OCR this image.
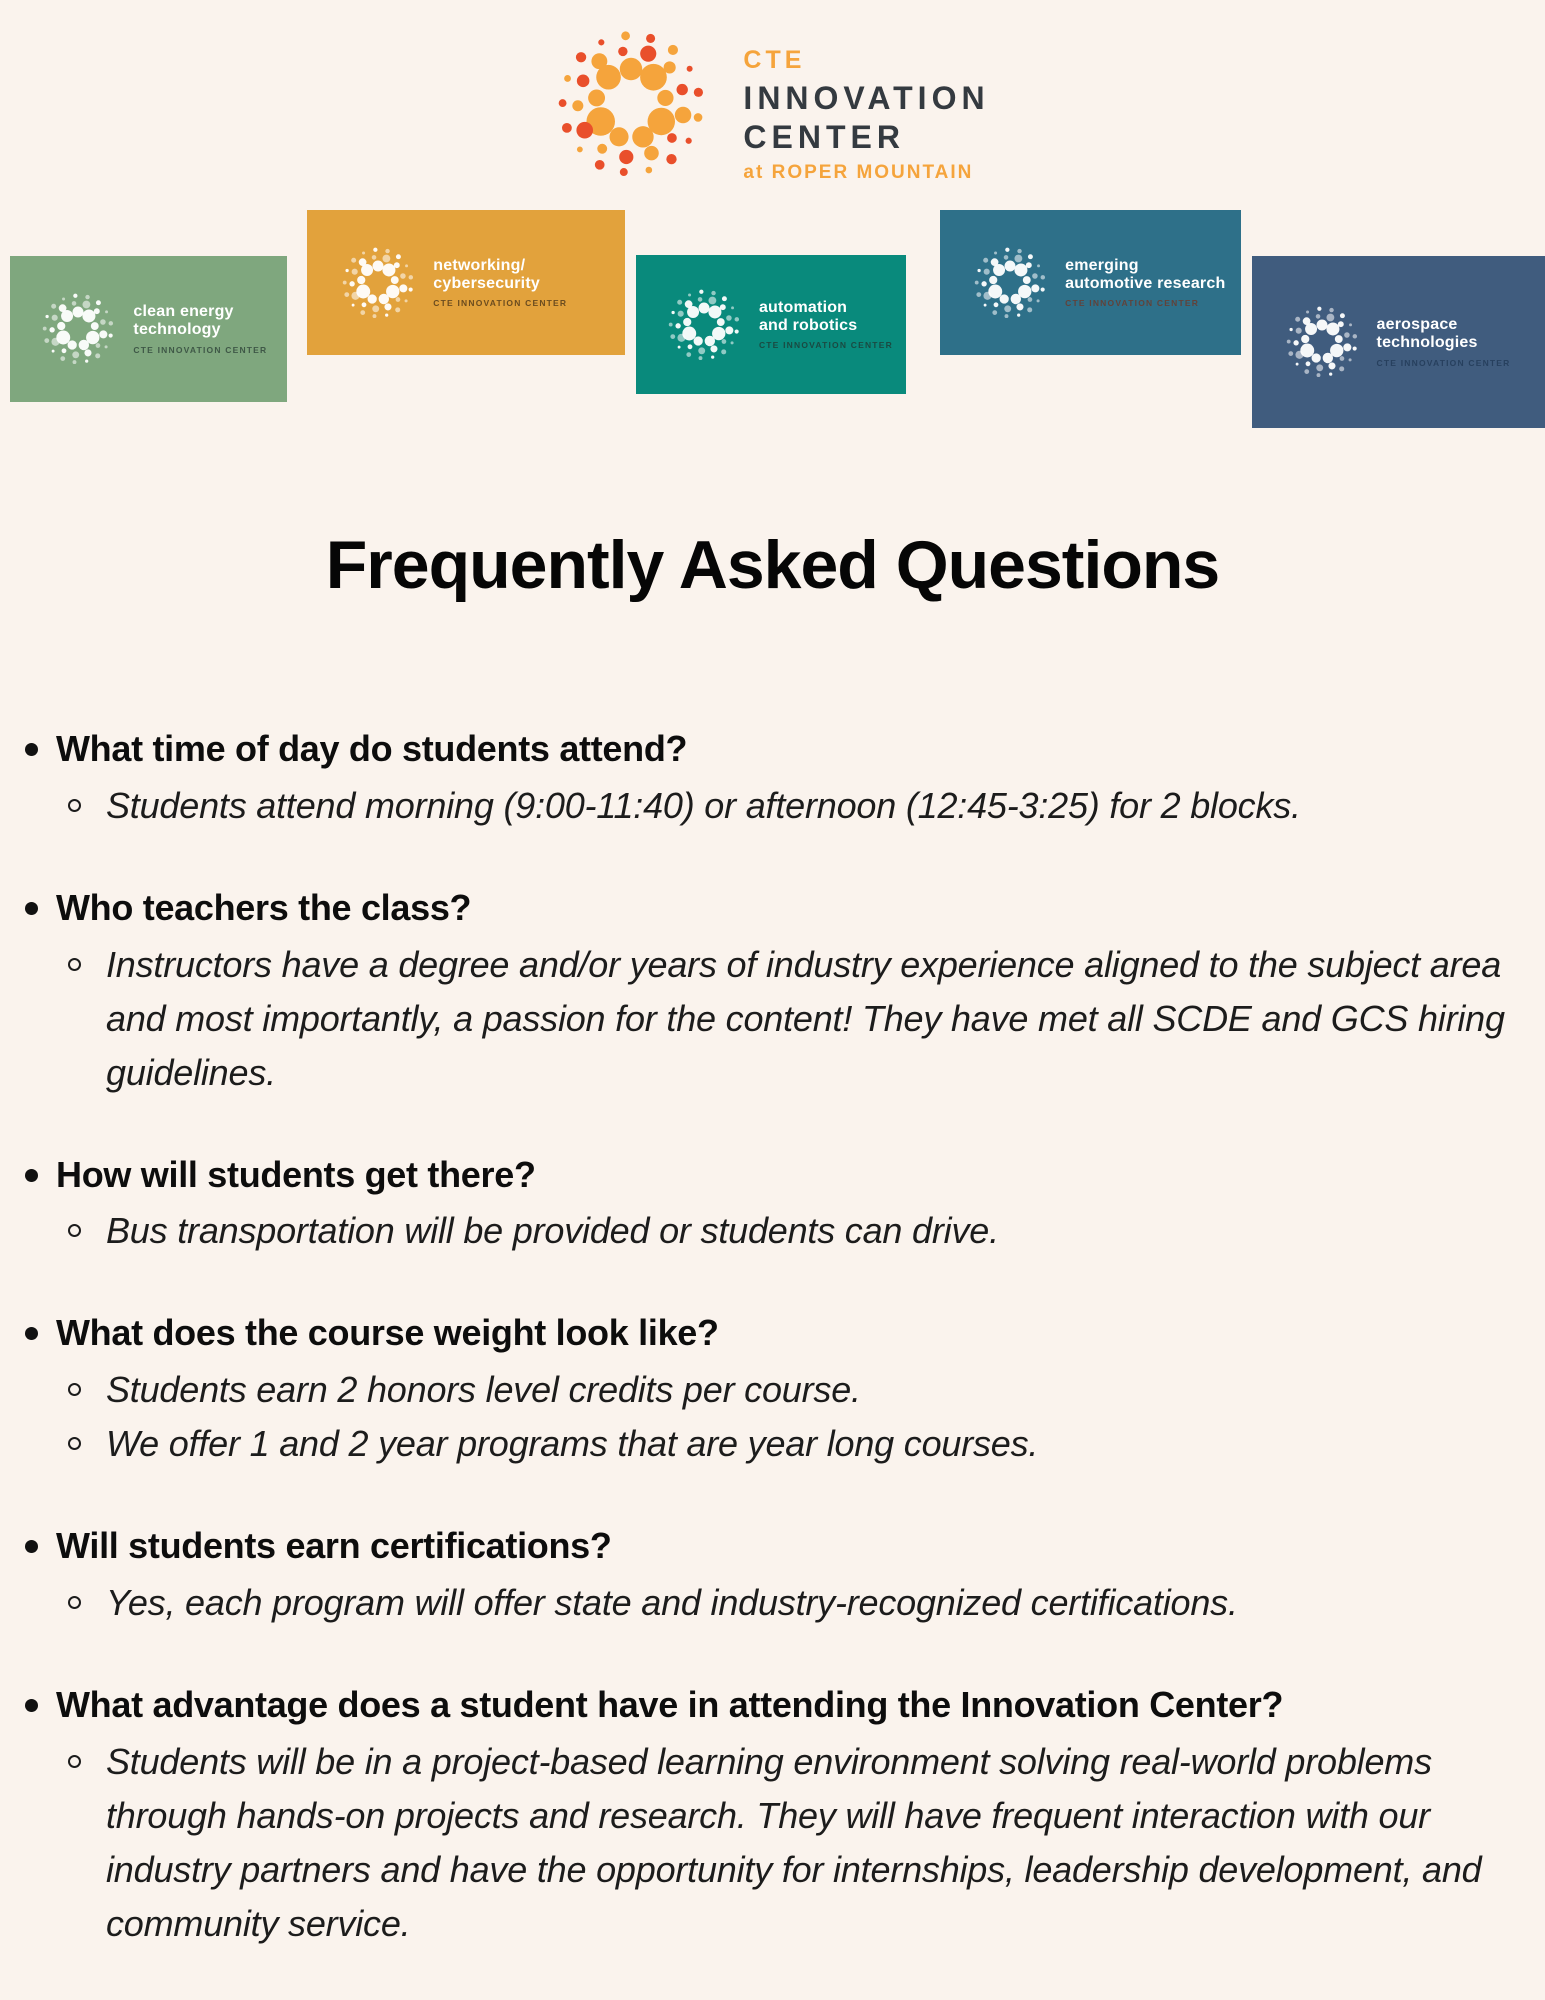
CTE
INNOVATION
CENTER
at ROPER MOUNTAIN
clean energy
technology
CTE INNOVATION CENTER
networking/
cybersecurity
CTE INNOVATION CENTER	automation
and robotics
CTE INNOVATION CENTER
emerging
automotive research
CTE INNOVATION CENTER
aerospace
technologies
CTE INNOVATION CENTER
Frequently Asked Questions
What time of day do students attend?
Students attend morning (9:00-11:40) or afternoon (12:45-3:25) for 2 blocks.
Who teachers the class?
Instructors have a degree and/or years of industry experience aligned to the subject area and most importantly, a passion for the content! They have met all SCDE and GCS hiring guidelines.
How will students get there?
Bus transportation will be provided or students can drive.
What does the course weight look like?
Students earn 2 honors level credits per course.
We offer 1 and 2 year programs that are year long courses.
Will students earn certifications?
Yes, each program will offer state and industry-recognized certifications.
What advantage does a student have in attending the Innovation Center?
Students will be in a project-based learning environment solving real-world problems through hands-on projects and research. They will have frequent interaction with our industry partners and have the opportunity for internships, leadership development, and community service.
